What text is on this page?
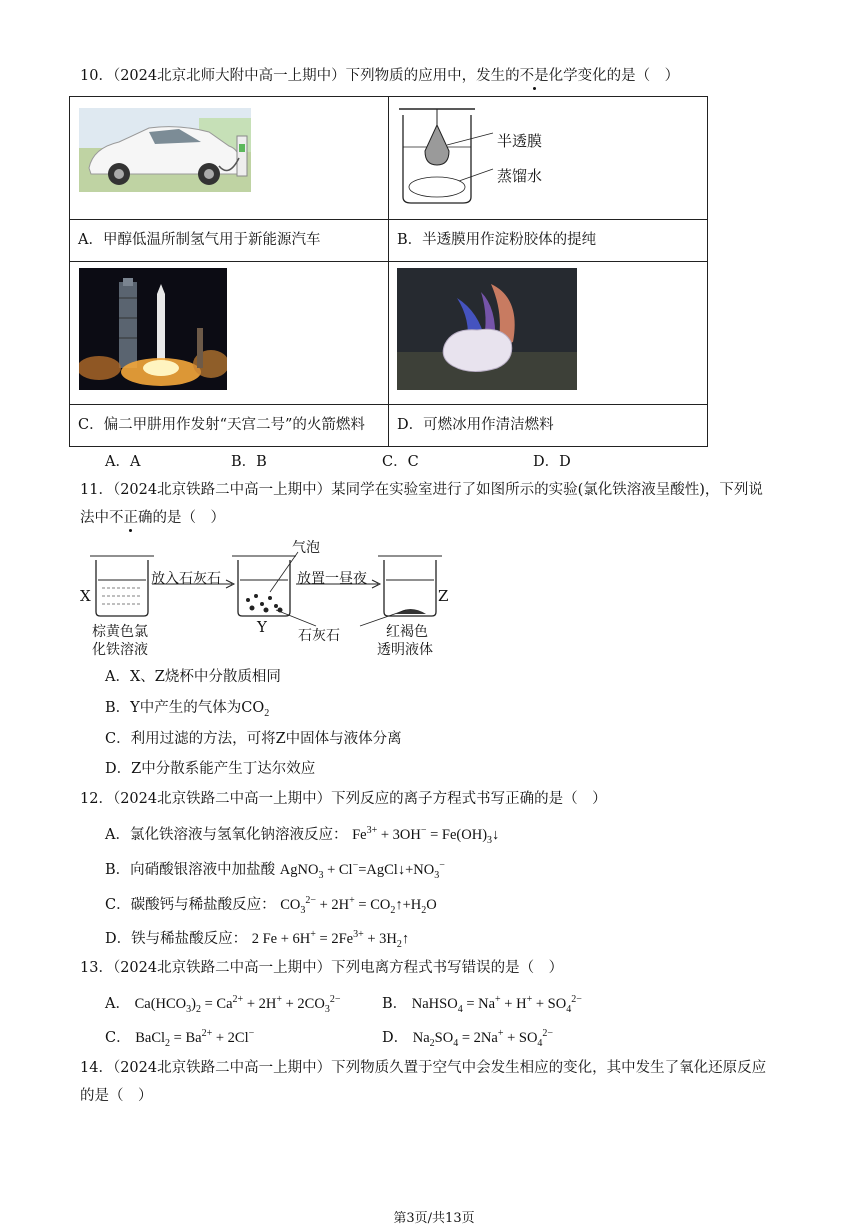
10．（2024北京北师大附中高一上期中）下列物质的应用中，发生的不是化学变化的是（　）

半透膜
蒸馏水

A．甲醇低温所制氢气用于新能源汽车	B．半透膜用作淀粉胶体的提纯

C．偏二甲肼用作发射“天宫二号”的火箭燃料	D．可燃冰用作清洁燃料
A．A	B．B	C．C	D．D
11．（2024北京铁路二中高一上期中）某同学在实验室进行了如图所示的实验(氯化铁溶液呈酸性)，下列说
法中不正确的是（　）
X
Y
Z
放入石灰石	放置一昼夜
气泡
石灰石
棕黄色氯
化铁溶液
红褐色
透明液体
A．X、Z烧杯中分散质相同
B．Y中产生的气体为$CO_2$
C．利用过滤的方法，可将Z中固体与液体分离
D．Z中分散系能产生丁达尔效应
12．（2024北京铁路二中高一上期中）下列反应的离子方程式书写正确的是（　）
A．氯化铁溶液与氢氧化钠溶液反应： $Fe^{3+} + 3OH^-$ = $Fe(OH)_3↓$
B．向硝酸银溶液中加盐酸 AgNO$_3$ + $Cl^-=AgCl↓+NO_3^-$
C．碳酸钙与稀盐酸反应： $CO_3^{2-} + 2H^+$ = $CO_2↑+H_2O$
D．铁与稀盐酸反应： 2 $Fe + 6H^+ = 2Fe^{3+}$ + $3H_2↑$
13．（2024北京铁路二中高一上期中）下列电离方程式书写错误的是（　）
A． $Ca(HCO_3)_2 = Ca^{2+} + 2H^+ + 2CO_3^{2-}$	B． NaHSO$_4$ = $Na^+ + H^+ + SO_4^{2-}$
C． BaCl$_2$ = $Ba^{2+} + 2Cl^-$	D． $Na_2SO_4 = 2Na^+ + SO_4^{2-}$
14．（2024北京铁路二中高一上期中）下列物质久置于空气中会发生相应的变化，其中发生了氧化还原反应
的是（　）
第3页/共13页
